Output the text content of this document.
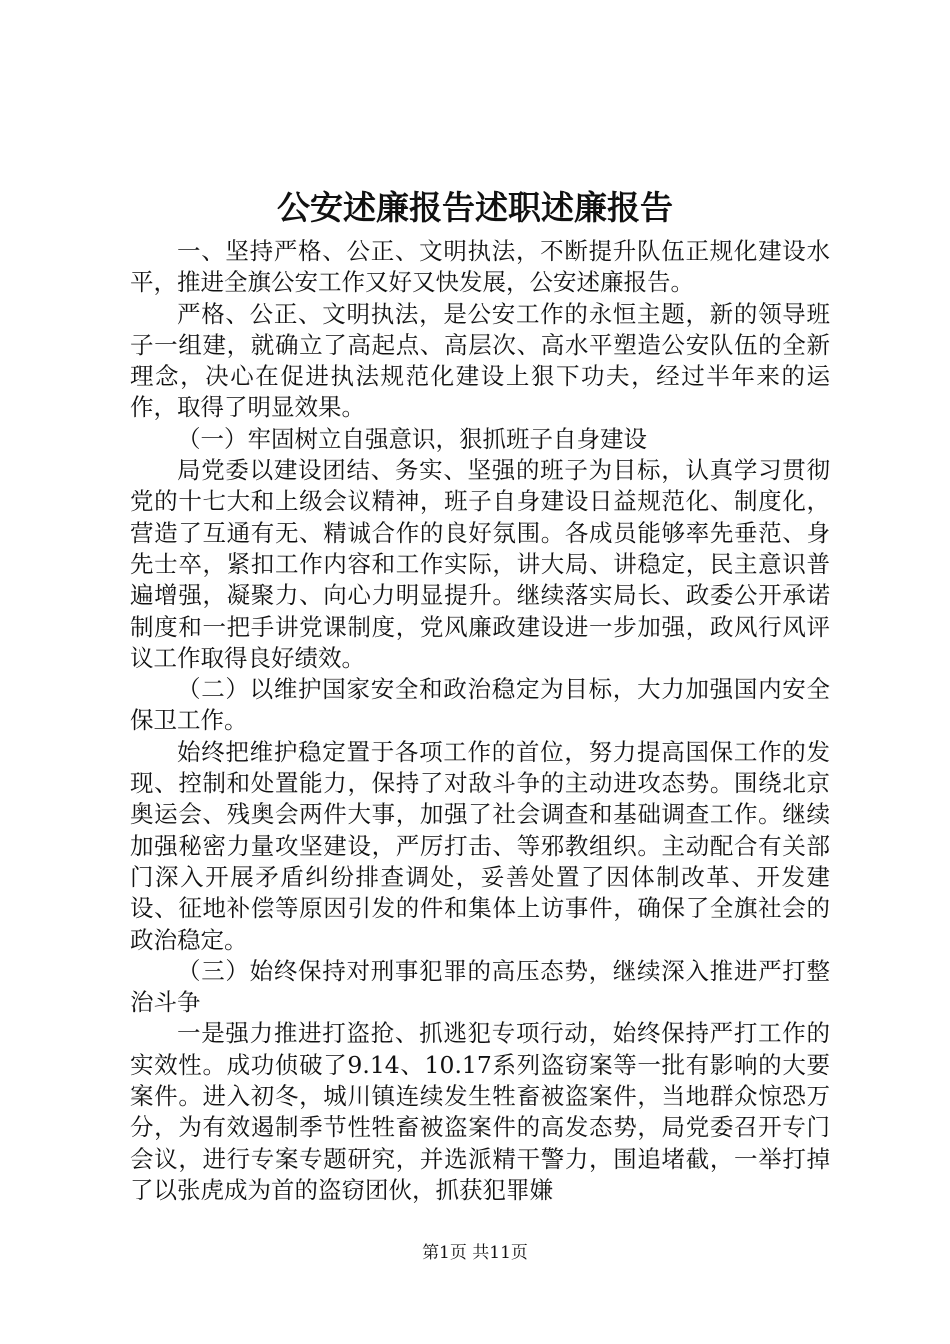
公安述廉报告述职述廉报告

一、坚持严格、公正、文明执法，不断提升队伍正规化建设水平，推进全旗公安工作又好又快发展，公安述廉报告。

严格、公正、文明执法，是公安工作的永恒主题，新的领导班子一组建，就确立了高起点、高层次、高水平塑造公安队伍的全新理念，决心在促进执法规范化建设上狠下功夫，经过半年来的运作，取得了明显效果。

（一）牢固树立自强意识，狠抓班子自身建设

局党委以建设团结、务实、坚强的班子为目标，认真学习贯彻党的十七大和上级会议精神，班子自身建设日益规范化、制度化，营造了互通有无、精诚合作的良好氛围。各成员能够率先垂范、身先士卒，紧扣工作内容和工作实际，讲大局、讲稳定，民主意识普遍增强，凝聚力、向心力明显提升。继续落实局长、政委公开承诺制度和一把手讲党课制度，党风廉政建设进一步加强，政风行风评议工作取得良好绩效。

（二）以维护国家安全和政治稳定为目标，大力加强国内安全保卫工作。

始终把维护稳定置于各项工作的首位，努力提高国保工作的发现、控制和处置能力，保持了对敌斗争的主动进攻态势。围绕北京奥运会、残奥会两件大事，加强了社会调查和基础调查工作。继续加强秘密力量攻坚建设，严厉打击、等邪教组织。主动配合有关部门深入开展矛盾纠纷排查调处，妥善处置了因体制改革、开发建设、征地补偿等原因引发的件和集体上访事件，确保了全旗社会的政治稳定。

（三）始终保持对刑事犯罪的高压态势，继续深入推进严打整治斗争

一是强力推进打盗抢、抓逃犯专项行动，始终保持严打工作的实效性。成功侦破了9.14、10.17系列盗窃案等一批有影响的大要案件。进入初冬，城川镇连续发生牲畜被盗案件，当地群众惊恐万分，为有效遏制季节性牲畜被盗案件的高发态势，局党委召开专门会议，进行专案专题研究，并选派精干警力，围追堵截，一举打掉了以张虎成为首的盗窃团伙，抓获犯罪嫌

第1页 共11页
